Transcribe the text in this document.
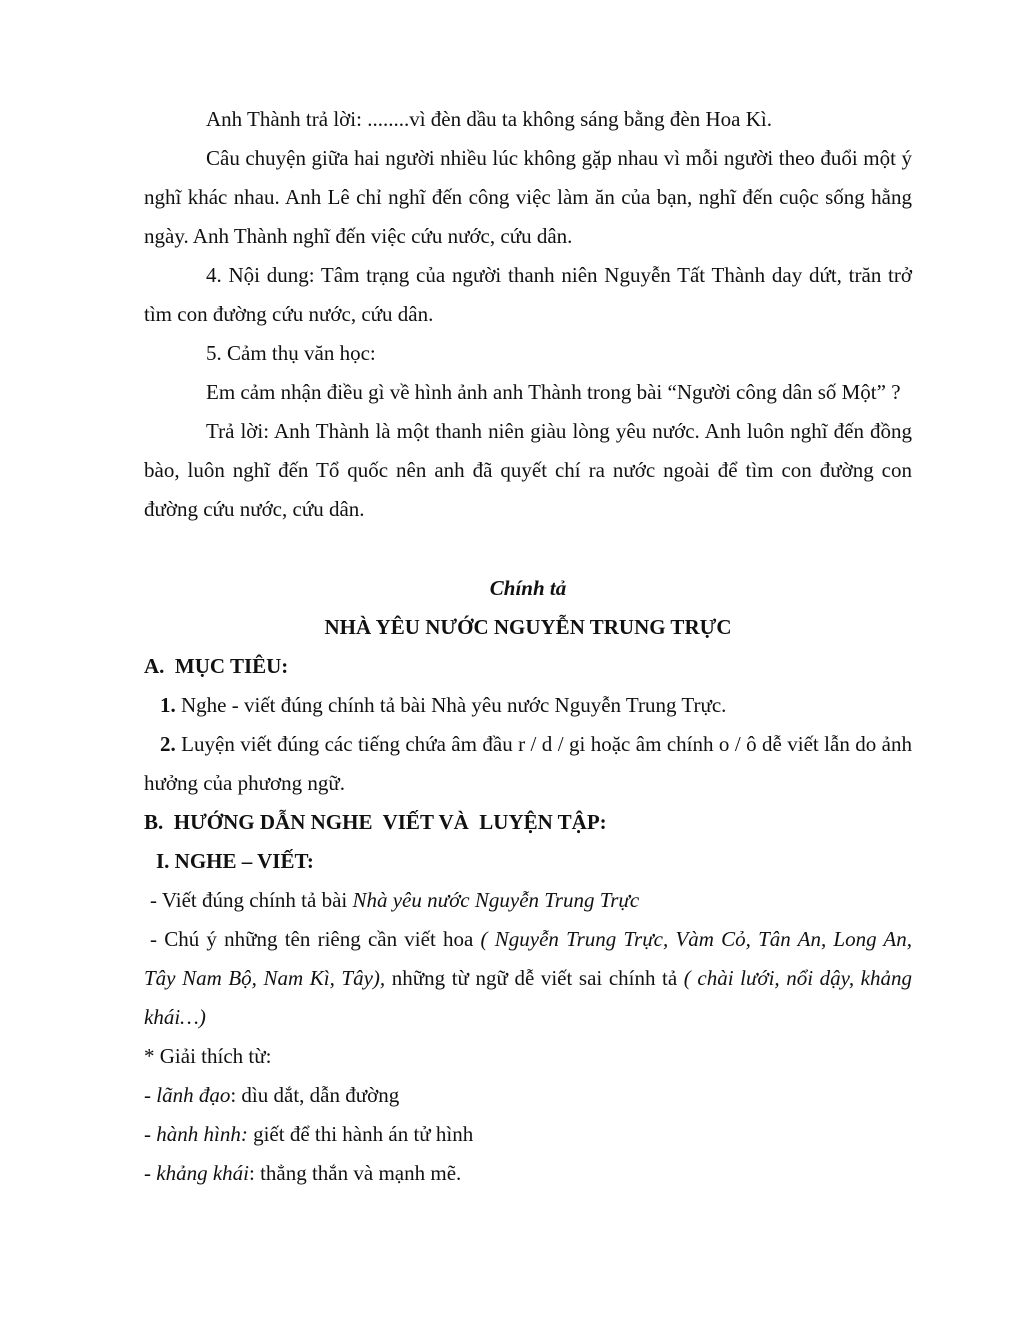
Anh Thành trả lời: ........vì đèn dầu ta không sáng bằng đèn Hoa Kì.

Câu chuyện giữa hai người nhiều lúc không gặp nhau vì mỗi người theo đuổi một ý nghĩ khác nhau. Anh Lê chỉ nghĩ đến công việc làm ăn của bạn, nghĩ đến cuộc sống hằng ngày. Anh Thành nghĩ đến việc cứu nước, cứu dân.

4. Nội dung: Tâm trạng của người thanh niên Nguyễn Tất Thành day dứt, trăn trở tìm con đường cứu nước, cứu dân.

5. Cảm thụ văn học:

Em cảm nhận điều gì về hình ảnh anh Thành trong bài “Người công dân số Một” ?

Trả lời: Anh Thành là một thanh niên giàu lòng yêu nước. Anh luôn nghĩ đến đồng bào, luôn nghĩ đến Tổ quốc nên anh đã quyết chí ra nước ngoài để tìm con đường con đường cứu nước, cứu dân.

Chính tả
NHÀ YÊU NƯỚC NGUYỄN TRUNG TRỰC

A.  MỤC TIÊU:

1. Nghe - viết đúng chính tả bài Nhà yêu nước Nguyễn Trung Trực.

2. Luyện viết đúng các tiếng chứa âm đầu r / d / gi hoặc âm chính o / ô dễ viết lẫn do ảnh hưởng của phương ngữ.

B.  HƯỚNG DẪN NGHE  VIẾT VÀ  LUYỆN TẬP:

I. NGHE – VIẾT:

- Viết đúng chính tả bài Nhà yêu nước Nguyễn Trung Trực

- Chú ý những tên riêng cần viết hoa ( Nguyễn Trung Trực, Vàm Cỏ, Tân An, Long An, Tây Nam Bộ, Nam Kì, Tây), những từ ngữ dễ viết sai chính tả ( chài lưới, nổi dậy, khảng khái…)

* Giải thích từ:

- lãnh đạo: dìu dắt, dẫn đường

- hành hình: giết để thi hành án tử hình

- khảng khái: thẳng thắn và mạnh mẽ.
